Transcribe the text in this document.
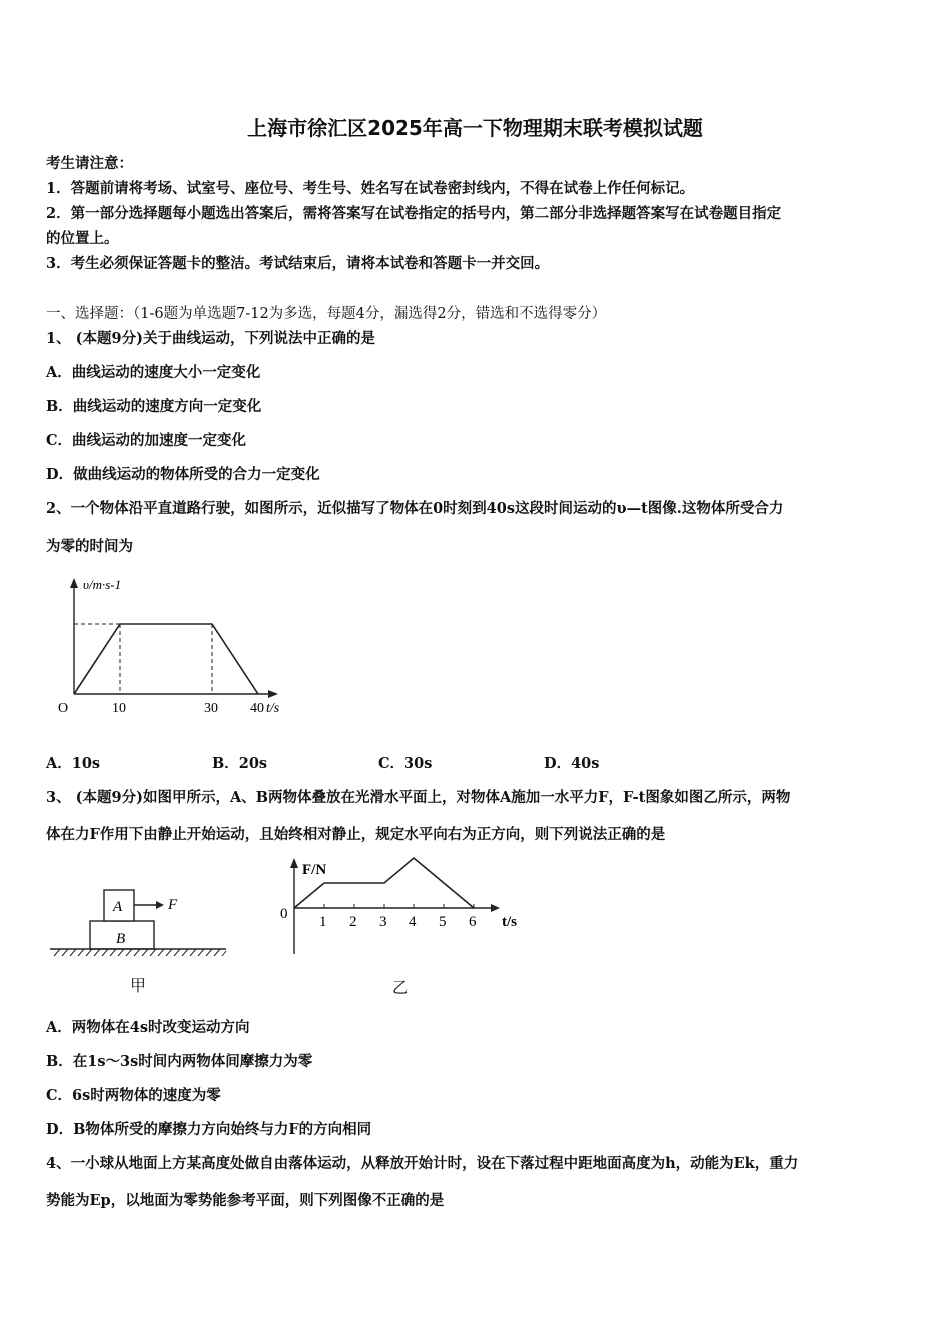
上海市徐汇区2025年高一下物理期末联考模拟试题
考生请注意：
1．答题前请将考场、试室号、座位号、考生号、姓名写在试卷密封线内，不得在试卷上作任何标记。
2．第一部分选择题每小题选出答案后，需将答案写在试卷指定的括号内，第二部分非选择题答案写在试卷题目指定
的位置上。
3．考生必须保证答题卡的整洁。考试结束后，请将本试卷和答题卡一并交回。
一、选择题：（1-6题为单选题7-12为多选，每题4分，漏选得2分，错选和不选得零分）
1、 (本题9分)关于曲线运动，下列说法中正确的是
A．曲线运动的速度大小一定变化
B．曲线运动的速度方向一定变化
C．曲线运动的加速度一定变化
D．做曲线运动的物体所受的合力一定变化
2、一个物体沿平直道路行驶，如图所示，近似描写了物体在0时刻到40s这段时间运动的υ—t图像.这物体所受合力
为零的时间为
υ/m·s-1
t/s
O	10	30 40
A．10s	B．20s	C．30s	D．40s
3、 (本题9分)如图甲所示，A、B两物体叠放在光滑水平面上，对物体A施加一水平力F，F-t图象如图乙所示，两物
体在力F作用下由静止开始运动，且始终相对静止，规定水平向右为正方向，则下列说法正确的是
A
B
F
甲
F/N
t/s
0 1 2 3 4 5 6
乙
A．两物体在4s时改变运动方向
B．在1s～3s时间内两物体间摩擦力为零
C．6s时两物体的速度为零
D．B物体所受的摩擦力方向始终与力F的方向相同
4、一小球从地面上方某高度处做自由落体运动，从释放开始计时，设在下落过程中距地面高度为h，动能为Ek，重力
势能为Ep，以地面为零势能参考平面，则下列图像不正确的是
